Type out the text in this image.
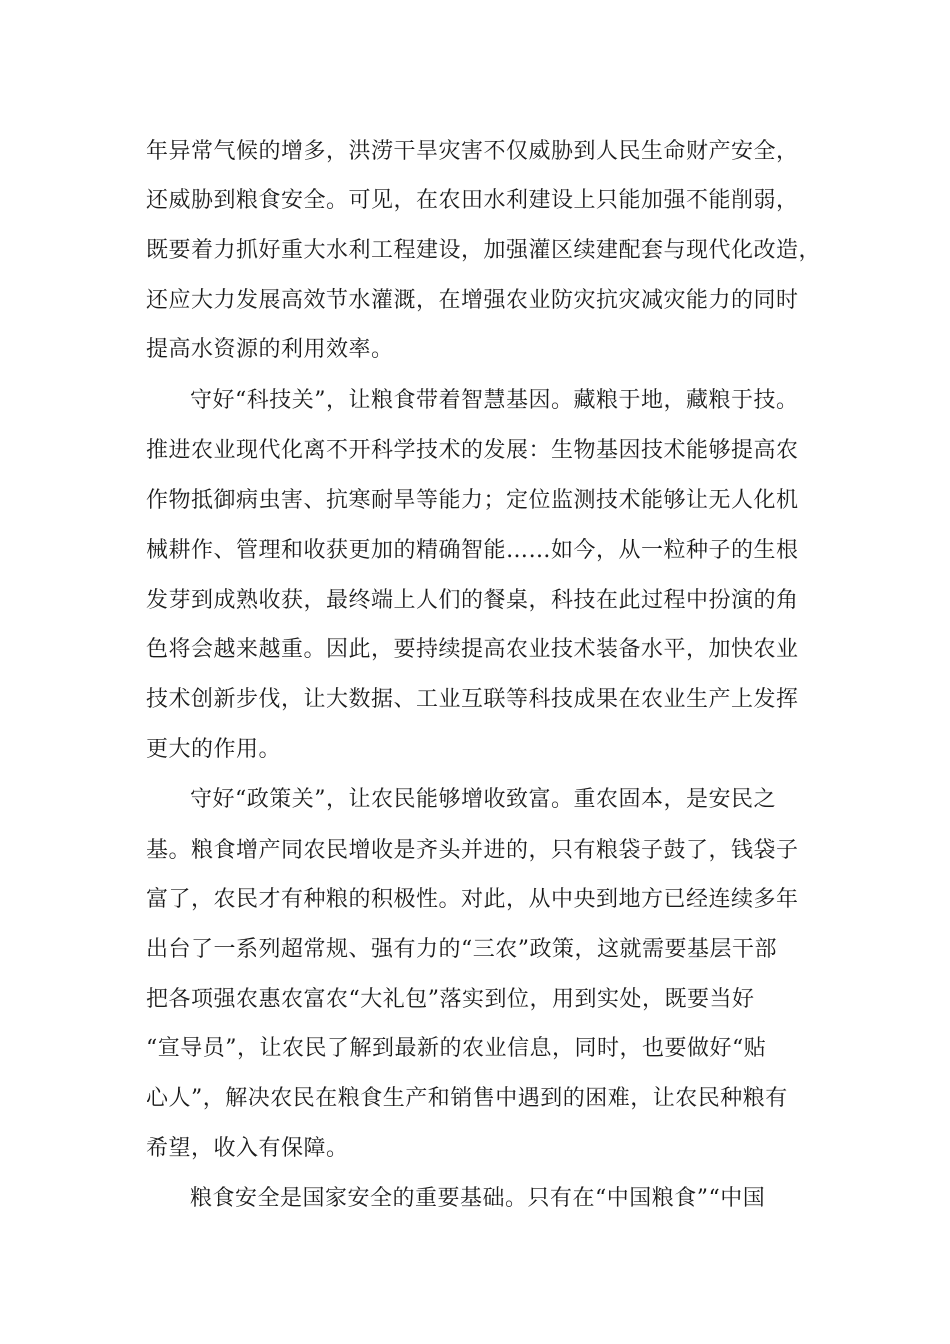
年异常气候的增多，洪涝干旱灾害不仅威胁到人民生命财产安全，
还威胁到粮食安全。可见，在农田水利建设上只能加强不能削弱，
既要着力抓好重大水利工程建设，加强灌区续建配套与现代化改造，
还应大力发展高效节水灌溉，在增强农业防灾抗灾减灾能力的同时
提高水资源的利用效率。
守好“科技关”，让粮食带着智慧基因。藏粮于地，藏粮于技。
推进农业现代化离不开科学技术的发展：生物基因技术能够提高农
作物抵御病虫害、抗寒耐旱等能力；定位监测技术能够让无人化机
械耕作、管理和收获更加的精确智能……如今，从一粒种子的生根
发芽到成熟收获，最终端上人们的餐桌，科技在此过程中扮演的角
色将会越来越重。因此，要持续提高农业技术装备水平，加快农业
技术创新步伐，让大数据、工业互联等科技成果在农业生产上发挥
更大的作用。
守好“政策关”，让农民能够增收致富。重农固本，是安民之
基。粮食增产同农民增收是齐头并进的，只有粮袋子鼓了，钱袋子
富了，农民才有种粮的积极性。对此，从中央到地方已经连续多年
出台了一系列超常规、强有力的“三农”政策，这就需要基层干部
把各项强农惠农富农“大礼包”落实到位，用到实处，既要当好
“宣导员”，让农民了解到最新的农业信息，同时，也要做好“贴
心人”，解决农民在粮食生产和销售中遇到的困难，让农民种粮有
希望，收入有保障。
粮食安全是国家安全的重要基础。只有在“中国粮食”“中国
